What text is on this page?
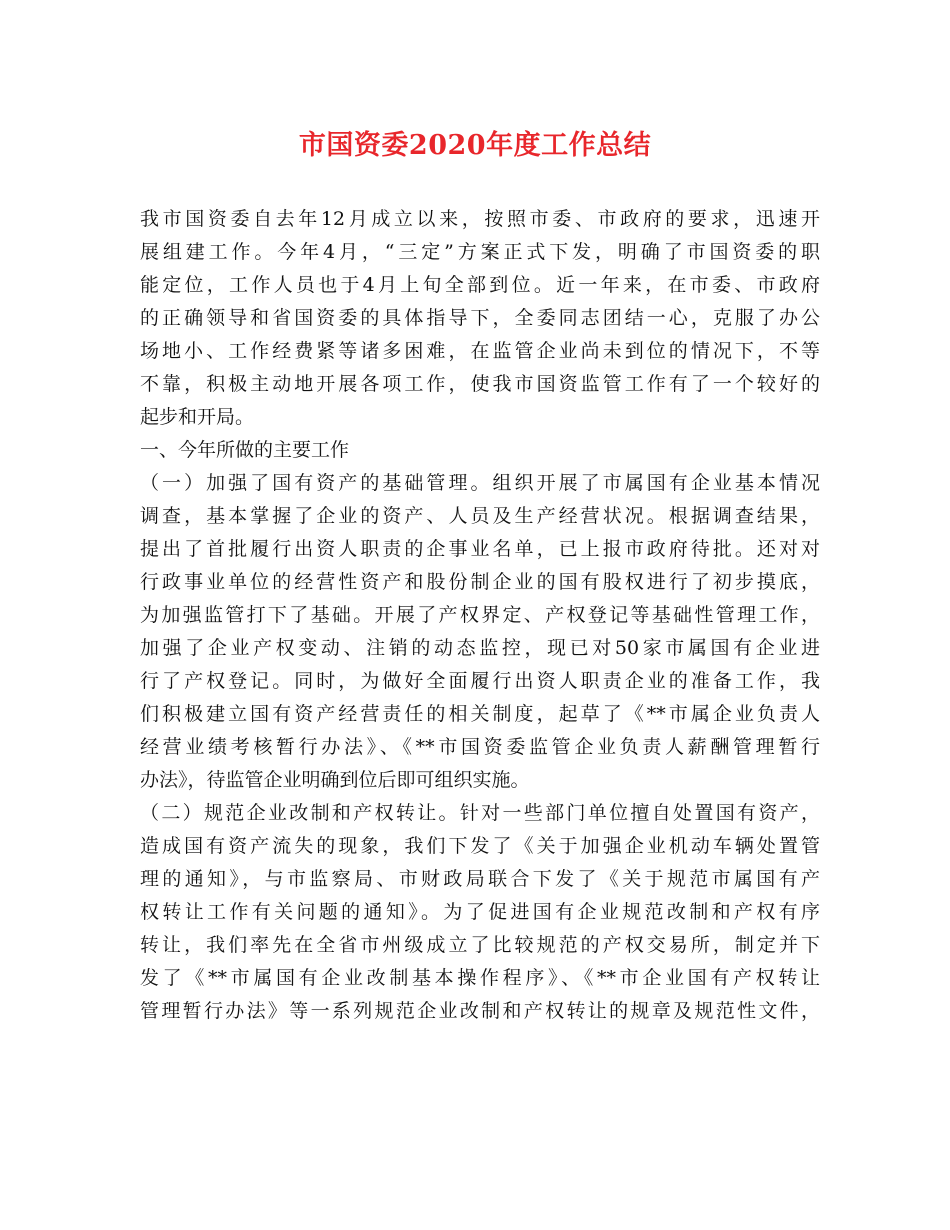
市国资委2020年度工作总结
我市国资委自去年12月成立以来，按照市委、市政府的要求，迅速开
展组建工作。今年4月，“三定”方案正式下发，明确了市国资委的职
能定位，工作人员也于4月上旬全部到位。近一年来，在市委、市政府
的正确领导和省国资委的具体指导下，全委同志团结一心，克服了办公
场地小、工作经费紧等诸多困难，在监管企业尚未到位的情况下，不等
不靠，积极主动地开展各项工作，使我市国资监管工作有了一个较好的
起步和开局。
一、今年所做的主要工作
（一）加强了国有资产的基础管理。组织开展了市属国有企业基本情况
调查，基本掌握了企业的资产、人员及生产经营状况。根据调查结果，
提出了首批履行出资人职责的企事业名单，已上报市政府待批。还对对
行政事业单位的经营性资产和股份制企业的国有股权进行了初步摸底，
为加强监管打下了基础。开展了产权界定、产权登记等基础性管理工作，
加强了企业产权变动、注销的动态监控，现已对50家市属国有企业进
行了产权登记。同时，为做好全面履行出资人职责企业的准备工作，我
们积极建立国有资产经营责任的相关制度，起草了《**市属企业负责人
经营业绩考核暂行办法》、《**市国资委监管企业负责人薪酬管理暂行
办法》，待监管企业明确到位后即可组织实施。
（二）规范企业改制和产权转让。针对一些部门单位擅自处置国有资产，
造成国有资产流失的现象，我们下发了《关于加强企业机动车辆处置管
理的通知》，与市监察局、市财政局联合下发了《关于规范市属国有产
权转让工作有关问题的通知》。为了促进国有企业规范改制和产权有序
转让，我们率先在全省市州级成立了比较规范的产权交易所，制定并下
发了《**市属国有企业改制基本操作程序》、《**市企业国有产权转让
管理暂行办法》等一系列规范企业改制和产权转让的规章及规范性文件，
